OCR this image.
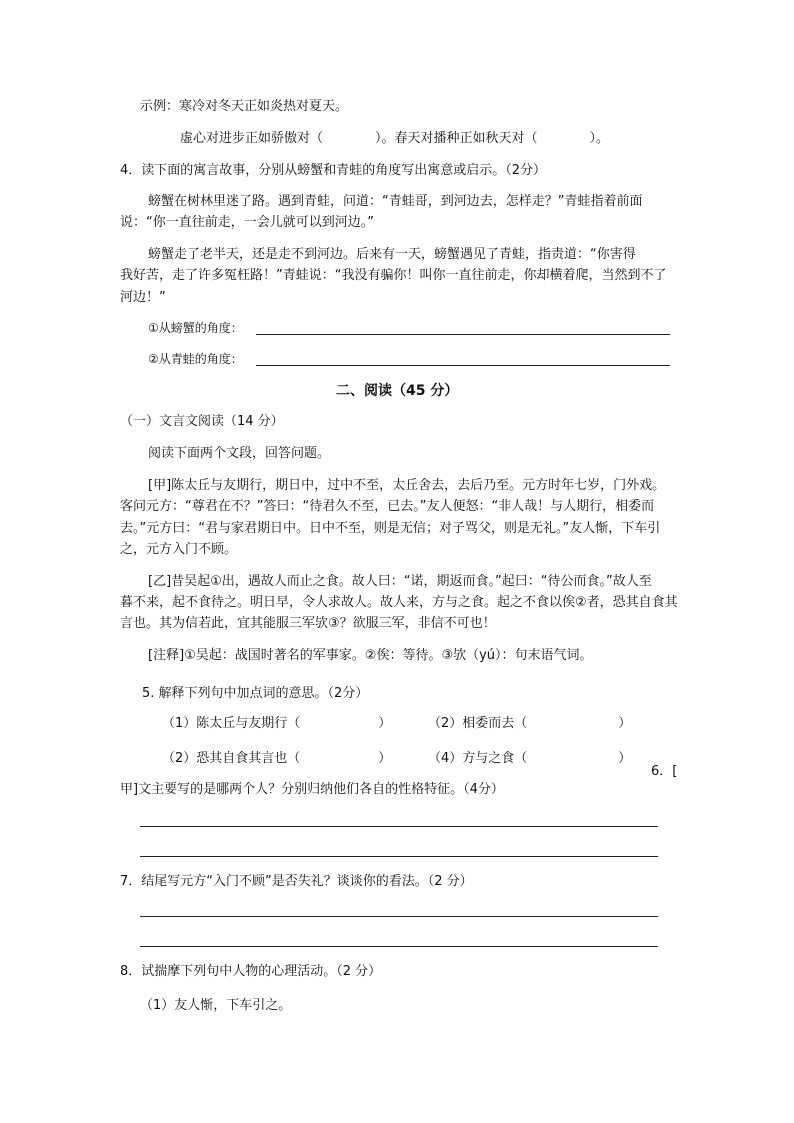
示例：寒冷对冬天正如炎热对夏天。
虚心对进步正如骄傲对（　　　　）。春天对播种正如秋天对（　　　　）。
4．读下面的寓言故事，分别从螃蟹和青蛙的角度写出寓意或启示。（2分）
螃蟹在树林里迷了路。遇到青蛙，问道：“青蛙哥，到河边去，怎样走？”青蛙指着前面
说：“你一直往前走，一会儿就可以到河边。”
螃蟹走了老半天，还是走不到河边。后来有一天，螃蟹遇见了青蛙，指责道：“你害得
我好苦，走了许多冤枉路！”青蛙说：“我没有骗你！叫你一直往前走，你却横着爬，当然到不了
河边！”
①从螃蟹的角度：
②从青蛙的角度：
二、阅读（45 分）
（一）文言文阅读（14 分）
阅读下面两个文段，回答问题。
[甲]陈太丘与友期行，期日中，过中不至，太丘舍去，去后乃至。元方时年七岁，门外戏。
客问元方：“尊君在不？”答曰：“待君久不至，已去。”友人便怒：“非人哉！与人期行，相委而
去。”元方曰：“君与家君期日中。日中不至，则是无信；对子骂父，则是无礼。”友人惭，下车引
之，元方入门不顾。
[乙]昔吴起①出，遇故人而止之食。故人曰：“诺，期返而食。”起曰：“待公而食。”故人至
暮不来，起不食待之。明日早，令人求故人。故人来，方与之食。起之不食以俟②者，恐其自食其
言也。其为信若此，宜其能服三军欤③？欲服三军，非信不可也！
[注释]①吴起：战国时著名的军事家。②俟：等待。③欤（yú）：句末语气词。
5. 解释下列句中加点词的意思。（2分）
（1）陈太丘与友期行（　　　　　　）	（2）相委而去（　　　　　　　）
（2）恐其自食其言也（　　　　　　）	（4）方与之食（　　　　　　　）
6．[
甲]文主要写的是哪两个人？分别归纳他们各自的性格特征。（4分）
7．结尾写元方“入门不顾”是否失礼？谈谈你的看法。（2 分）
8．试揣摩下列句中人物的心理活动。（2 分）
（1）友人惭，下车引之。
